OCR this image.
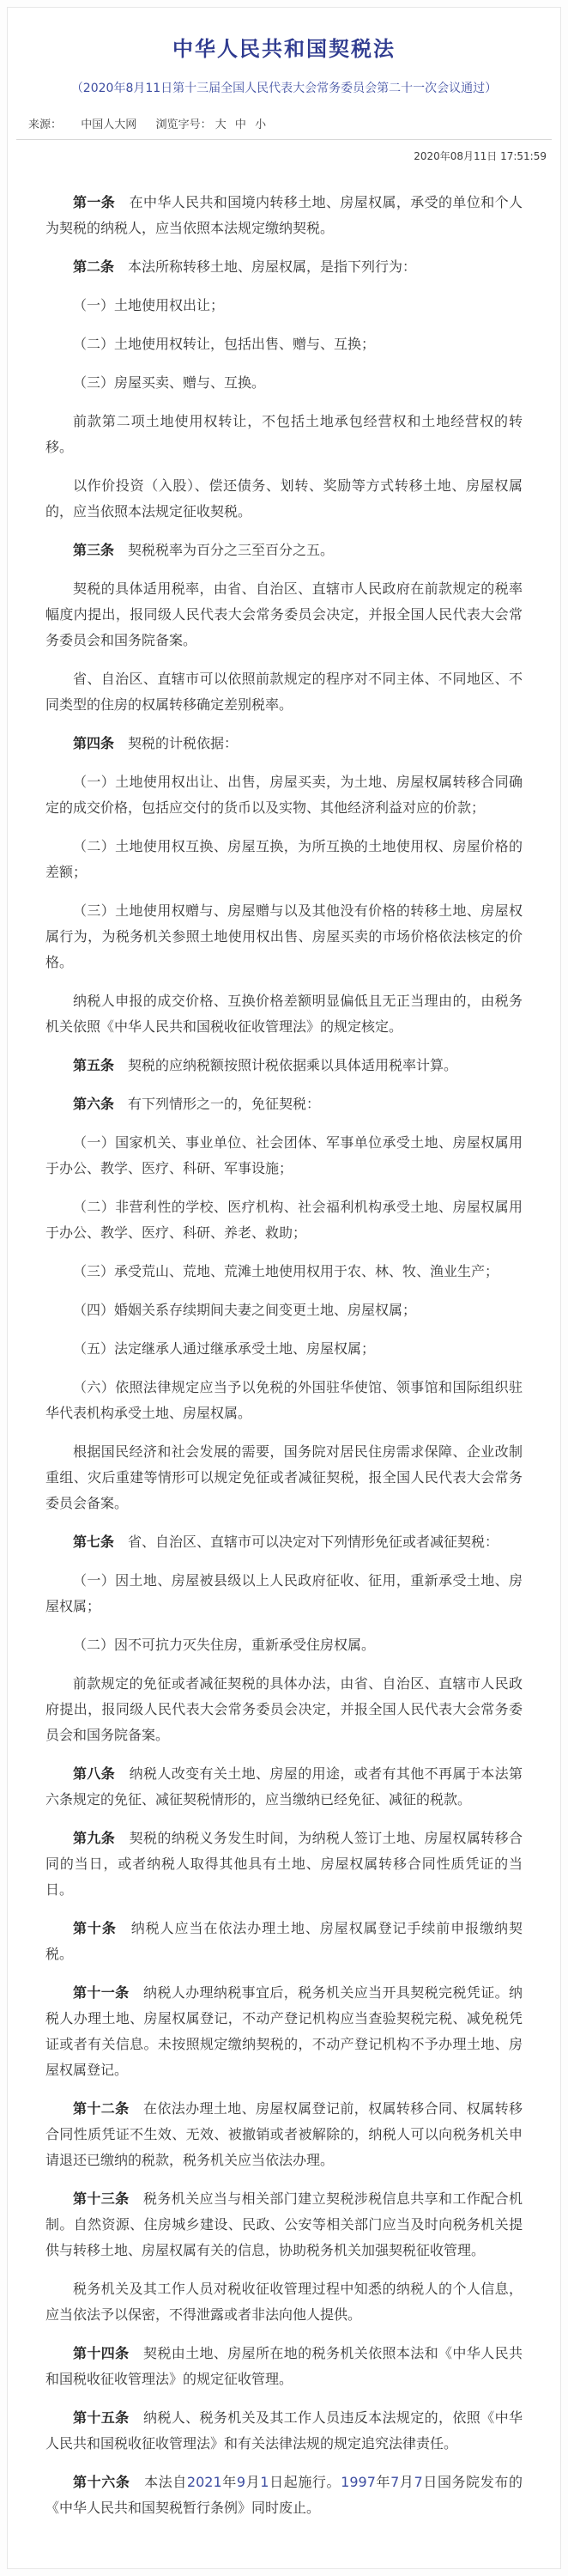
中华人民共和国契税法
（2020年8月11日第十三届全国人民代表大会常务委员会第二十一次会议通过）
来源： 中国人大网 浏览字号： 大 中 小
2020年08月11日 17:51:59

第一条　 在中华人民共和国境内转移土地、房屋权属，承受的单位和个人为契税的纳税人，应当依照本法规定缴纳契税。

第二条　 本法所称转移土地、房屋权属，是指下列行为：

（一）土地使用权出让；

（二）土地使用权转让，包括出售、赠与、互换；

（三）房屋买卖、赠与、互换。

前款第二项土地使用权转让，不包括土地承包经营权和土地经营权的转移。

以作价投资（入股）、偿还债务、划转、奖励等方式转移土地、房屋权属的，应当依照本法规定征收契税。

第三条　 契税税率为百分之三至百分之五。

契税的具体适用税率，由省、自治区、直辖市人民政府在前款规定的税率幅度内提出，报同级人民代表大会常务委员会决定，并报全国人民代表大会常务委员会和国务院备案。

省、自治区、直辖市可以依照前款规定的程序对不同主体、不同地区、不同类型的住房的权属转移确定差别税率。

第四条　 契税的计税依据：

（一）土地使用权出让、出售，房屋买卖，为土地、房屋权属转移合同确定的成交价格，包括应交付的货币以及实物、其他经济利益对应的价款；

（二）土地使用权互换、房屋互换，为所互换的土地使用权、房屋价格的差额；

（三）土地使用权赠与、房屋赠与以及其他没有价格的转移土地、房屋权属行为，为税务机关参照土地使用权出售、房屋买卖的市场价格依法核定的价格。

纳税人申报的成交价格、互换价格差额明显偏低且无正当理由的，由税务机关依照《中华人民共和国税收征收管理法》的规定核定。

第五条　 契税的应纳税额按照计税依据乘以具体适用税率计算。

第六条　 有下列情形之一的，免征契税：

（一）国家机关、事业单位、社会团体、军事单位承受土地、房屋权属用于办公、教学、医疗、科研、军事设施；

（二）非营利性的学校、医疗机构、社会福利机构承受土地、房屋权属用于办公、教学、医疗、科研、养老、救助；

（三）承受荒山、荒地、荒滩土地使用权用于农、林、牧、渔业生产；

（四）婚姻关系存续期间夫妻之间变更土地、房屋权属；

（五）法定继承人通过继承承受土地、房屋权属；

（六）依照法律规定应当予以免税的外国驻华使馆、领事馆和国际组织驻华代表机构承受土地、房屋权属。

根据国民经济和社会发展的需要，国务院对居民住房需求保障、企业改制重组、灾后重建等情形可以规定免征或者减征契税，报全国人民代表大会常务委员会备案。

第七条　 省、自治区、直辖市可以决定对下列情形免征或者减征契税：

（一）因土地、房屋被县级以上人民政府征收、征用，重新承受土地、房屋权属；

（二）因不可抗力灭失住房，重新承受住房权属。

前款规定的免征或者减征契税的具体办法，由省、自治区、直辖市人民政府提出，报同级人民代表大会常务委员会决定，并报全国人民代表大会常务委员会和国务院备案。

第八条　 纳税人改变有关土地、房屋的用途，或者有其他不再属于本法第六条规定的免征、减征契税情形的，应当缴纳已经免征、减征的税款。

第九条　 契税的纳税义务发生时间，为纳税人签订土地、房屋权属转移合同的当日，或者纳税人取得其他具有土地、房屋权属转移合同性质凭证的当日。

第十条　 纳税人应当在依法办理土地、房屋权属登记手续前申报缴纳契税。

第十一条　 纳税人办理纳税事宜后，税务机关应当开具契税完税凭证。纳税人办理土地、房屋权属登记，不动产登记机构应当查验契税完税、减免税凭证或者有关信息。未按照规定缴纳契税的，不动产登记机构不予办理土地、房屋权属登记。

第十二条　 在依法办理土地、房屋权属登记前，权属转移合同、权属转移合同性质凭证不生效、无效、被撤销或者被解除的，纳税人可以向税务机关申请退还已缴纳的税款，税务机关应当依法办理。

第十三条　 税务机关应当与相关部门建立契税涉税信息共享和工作配合机制。自然资源、住房城乡建设、民政、公安等相关部门应当及时向税务机关提供与转移土地、房屋权属有关的信息，协助税务机关加强契税征收管理。

税务机关及其工作人员对税收征收管理过程中知悉的纳税人的个人信息，应当依法予以保密，不得泄露或者非法向他人提供。

第十四条　 契税由土地、房屋所在地的税务机关依照本法和《中华人民共和国税收征收管理法》的规定征收管理。

第十五条　 纳税人、税务机关及其工作人员违反本法规定的，依照《中华人民共和国税收征收管理法》和有关法律法规的规定追究法律责任。

第十六条　 本法自2021年9月1日起施行。1997年7月7日国务院发布的《中华人民共和国契税暂行条例》同时废止。
